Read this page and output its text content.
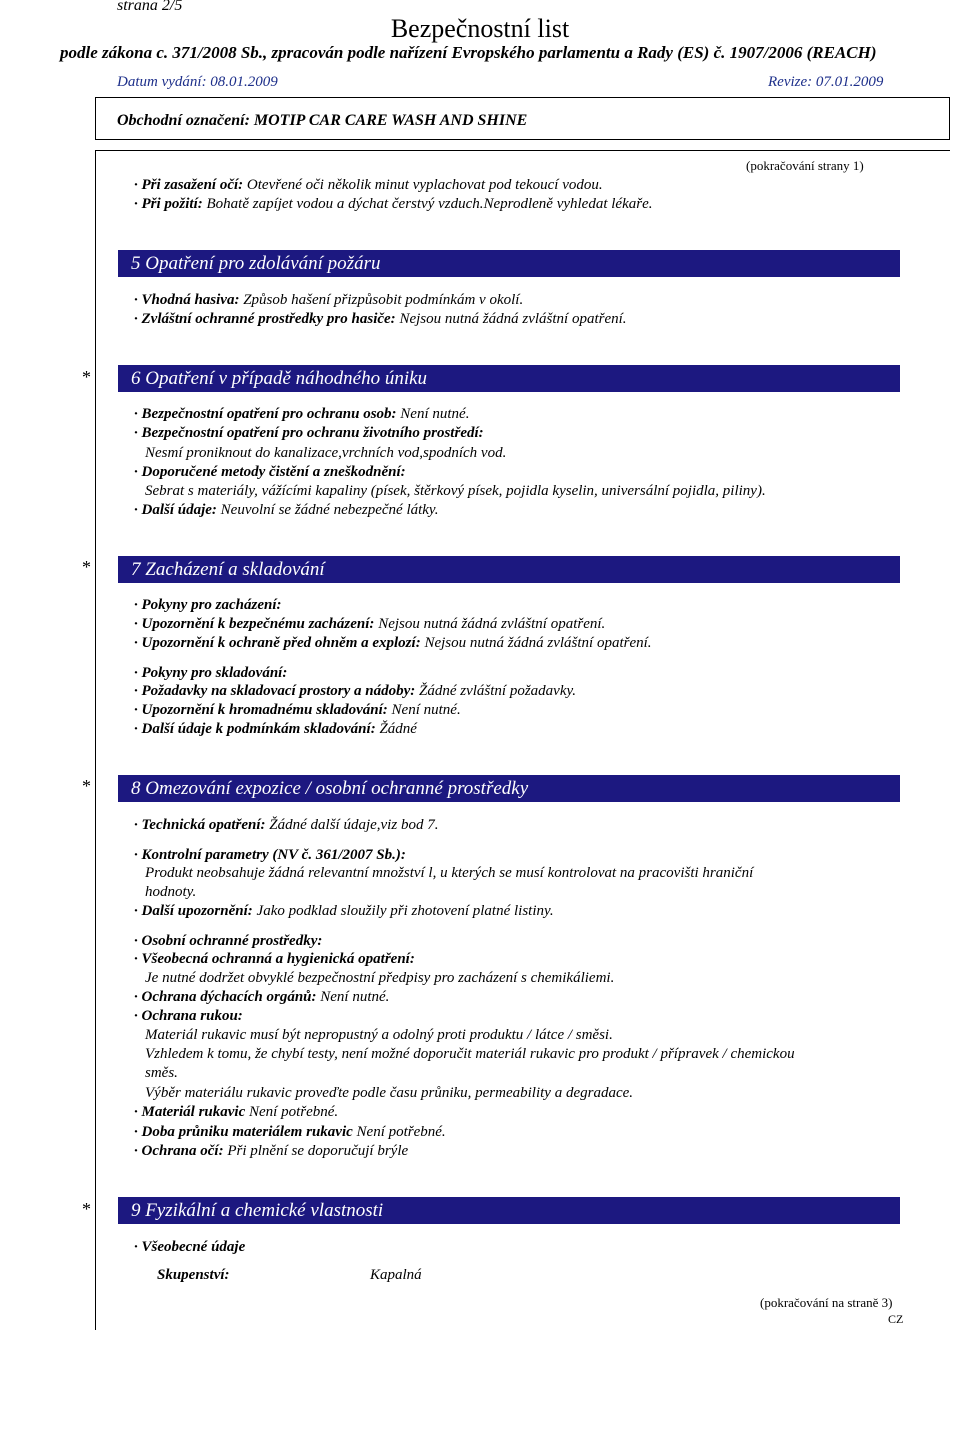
strana 2/5
Bezpečnostní list
podle zákona c. 371/2008 Sb., zpracován podle nařízení Evropského parlamentu a Rady (ES) č. 1907/2006 (REACH)
Datum vydání: 08.01.2009	Revize: 07.01.2009
Obchodní označení: MOTIP CAR CARE WASH AND SHINE
(pokračování strany 1)
· Při zasažení očí: Otevřené oči několik minut vyplachovat pod tekoucí vodou.
· Při požití: Bohatě zapíjet vodou a dýchat čerstvý vzduch.Neprodleně vyhledat lékaře.
5 Opatření pro zdolávání požáru
· Vhodná hasiva: Způsob hašení přizpůsobit podmínkám v okolí.
· Zvláštní ochranné prostředky pro hasiče: Nejsou nutná žádná zvláštní opatření.
*	6 Opatření v případě náhodného úniku
· Bezpečnostní opatření pro ochranu osob: Není nutné.
· Bezpečnostní opatření pro ochranu životního prostředí:
Nesmí proniknout do kanalizace,vrchních vod,spodních vod.
· Doporučené metody čistění a zneškodnění:
Sebrat s materiály, vážícími kapaliny (písek, štěrkový písek, pojidla kyselin, universální pojidla, piliny).
· Další údaje: Neuvolní se žádné nebezpečné látky.
*	7 Zacházení a skladování
· Pokyny pro zacházení:
· Upozornění k bezpečnému zacházení: Nejsou nutná žádná zvláštní opatření.
· Upozornění k ochraně před ohněm a explozí: Nejsou nutná žádná zvláštní opatření.
· Pokyny pro skladování:
· Požadavky na skladovací prostory a nádoby: Žádné zvláštní požadavky.
· Upozornění k hromadnému skladování: Není nutné.
· Další údaje k podmínkám skladování: Žádné
*	8 Omezování expozice / osobní ochranné prostředky
· Technická opatření: Žádné další údaje,viz bod 7.
· Kontrolní parametry (NV č. 361/2007 Sb.):
Produkt neobsahuje žádná relevantní množství l, u kterých se musí kontrolovat na pracovišti hraniční
hodnoty.
· Další upozornění: Jako podklad sloužily při zhotovení platné listiny.
· Osobní ochranné prostředky:
· Všeobecná ochranná a hygienická opatření:
Je nutné dodržet obvyklé bezpečnostní předpisy pro zacházení s chemikáliemi.
· Ochrana dýchacích orgánů: Není nutné.
· Ochrana rukou:
Materiál rukavic musí být nepropustný a odolný proti produktu / látce / směsi.
Vzhledem k tomu, že chybí testy, není možné doporučit materiál rukavic pro produkt / přípravek / chemickou
směs.
Výběr materiálu rukavic proveďte podle času průniku, permeability a degradace.
· Materiál rukavic Není potřebné.
· Doba průniku materiálem rukavic Není potřebné.
· Ochrana očí: Při plnění se doporučují brýle
*	9 Fyzikální a chemické vlastnosti
· Všeobecné údaje
Skupenství:	Kapalná
(pokračování na straně 3)
CZ
